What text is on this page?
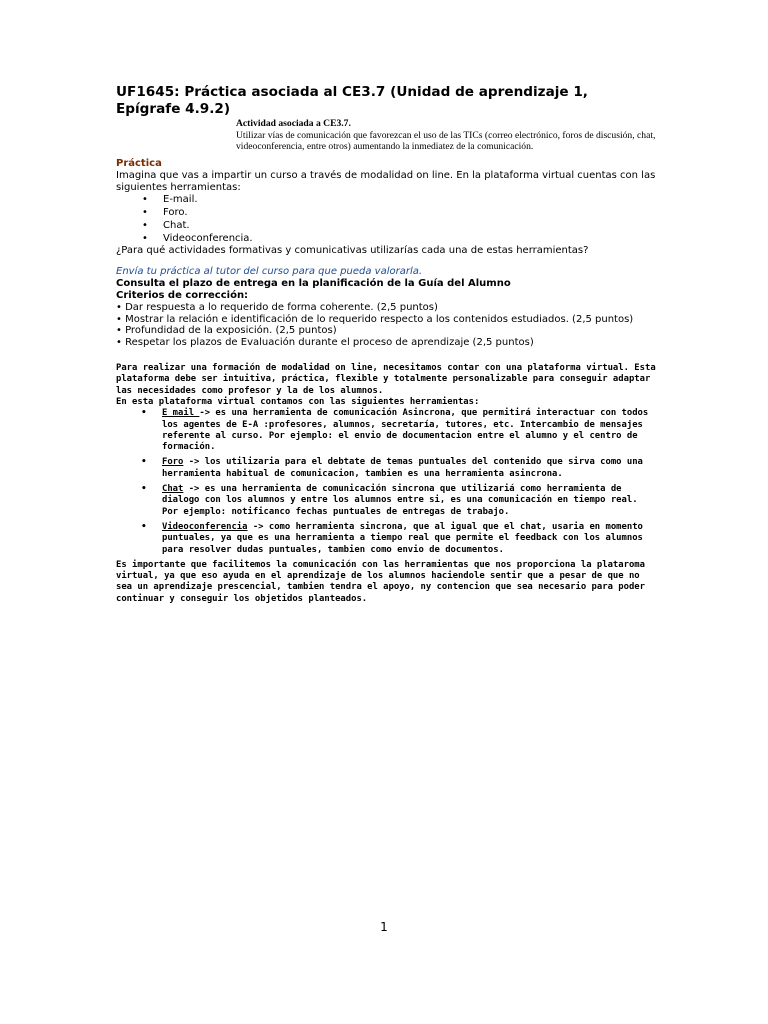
UF1645: Práctica asociada al CE3.7 (Unidad de aprendizaje 1, Epígrafe 4.9.2)
Actividad asociada a CE3.7.
Utilizar vías de comunicación que favorezcan el uso de las TICs (correo electrónico, foros de discusión, chat, videoconferencia, entre otros) aumentando la inmediatez de la comunicación.
Práctica
Imagina que vas a impartir un curso a través de modalidad on line. En la plataforma virtual cuentas con las siguientes herramientas:
• E-mail.
• Foro.
• Chat.
• Videoconferencia.
¿Para qué actividades formativas y comunicativas utilizarías cada una de estas herramientas?
Envía tu práctica al tutor del curso para que pueda valorarla.
Consulta el plazo de entrega en la planificación de la Guía del Alumno
Criterios de corrección:
• Dar respuesta a lo requerido de forma coherente. (2,5 puntos)
• Mostrar la relación e identificación de lo requerido respecto a los contenidos estudiados. (2,5 puntos)
• Profundidad de la exposición. (2,5 puntos)
• Respetar los plazos de Evaluación durante el proceso de aprendizaje (2,5 puntos)
Para realizar una formación de modalidad on line, necesitamos contar con una plataforma virtual. Esta plataforma debe ser intuitiva, práctica, flexible y totalmente personalizable para conseguir adaptar las necesidades como profesor y la de los alumnos.
En esta plataforma virtual contamos con las siguientes herramientas:
• E mail -> es una herramienta de comunicación Asincrona, que permitirá interactuar con todos los agentes de E-A :profesores, alumnos, secretaría, tutores, etc. Intercambio de mensajes referente al curso. Por ejemplo: el envio de documentacion entre el alumno y el centro de formación.
• Foro -> los utilizaria para el debtate de temas puntuales del contenido que sirva como una herramienta habitual de comunicacion, tambien es una herramienta asincrona.
• Chat -> es una herramienta de comunicación sincrona que utilizariá como herramienta de dialogo con los alumnos y entre los alumnos entre si, es una comunicación en tiempo real. Por ejemplo: notificanco fechas puntuales de entregas de trabajo.
• Videoconferencia -> como herramienta sincrona, que al igual que el chat, usaria en momento puntuales, ya que es una herramienta a tiempo real que permite el feedback con los alumnos para resolver dudas puntuales, tambien como envio de documentos.
Es importante que facilitemos la comunicación con las herramientas que nos proporciona la plataroma virtual, ya que eso ayuda en el aprendizaje de los alumnos haciendole sentir que a pesar de que no sea un aprendizaje prescencial, tambien tendra el apoyo, ny contencion que sea necesario para poder continuar y conseguir los objetidos planteados.
1
